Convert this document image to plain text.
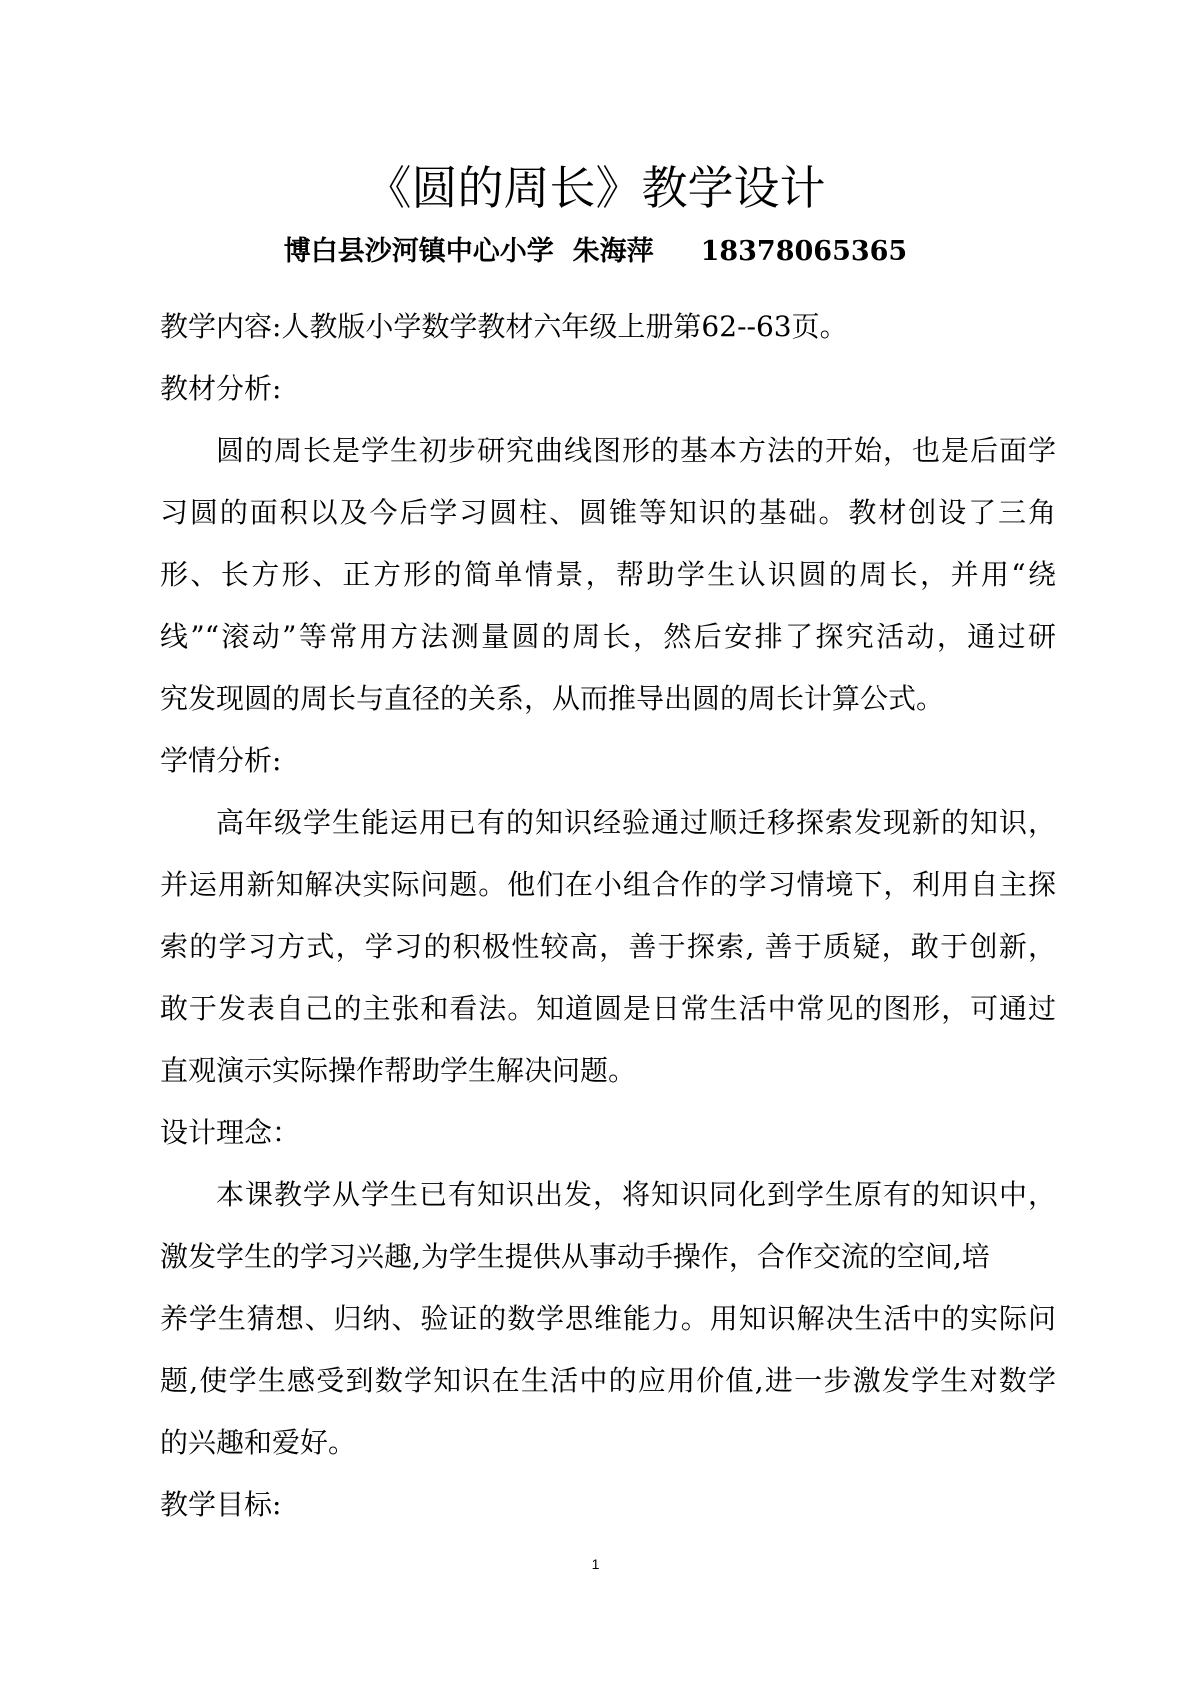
《圆的周长》教学设计
博白县沙河镇中心小学  朱海萍     18378065365
教学内容:人教版小学数学教材六年级上册第62--63页。
教材分析:
圆的周长是学生初步研究曲线图形的基本方法的开始，也是后面学
习圆的面积以及今后学习圆柱、圆锥等知识的基础。教材创设了三角
形、长方形、正方形的简单情景，帮助学生认识圆的周长，并用“绕
线”“滚动”等常用方法测量圆的周长，然后安排了探究活动，通过研
究发现圆的周长与直径的关系，从而推导出圆的周长计算公式。
学情分析:
高年级学生能运用已有的知识经验通过顺迁移探索发现新的知识，
并运用新知解决实际问题。他们在小组合作的学习情境下，利用自主探
索的学习方式，学习的积极性较高，善于探索, 善于质疑，敢于创新，
敢于发表自己的主张和看法。知道圆是日常生活中常见的图形，可通过
直观演示实际操作帮助学生解决问题。
设计理念：
本课教学从学生已有知识出发，将知识同化到学生原有的知识中，
激发学生的学习兴趣,为学生提供从事动手操作，合作交流的空间,培
养学生猜想、归纳、验证的数学思维能力。用知识解决生活中的实际问
题,使学生感受到数学知识在生活中的应用价值,进一步激发学生对数学
的兴趣和爱好。
教学目标:
1
